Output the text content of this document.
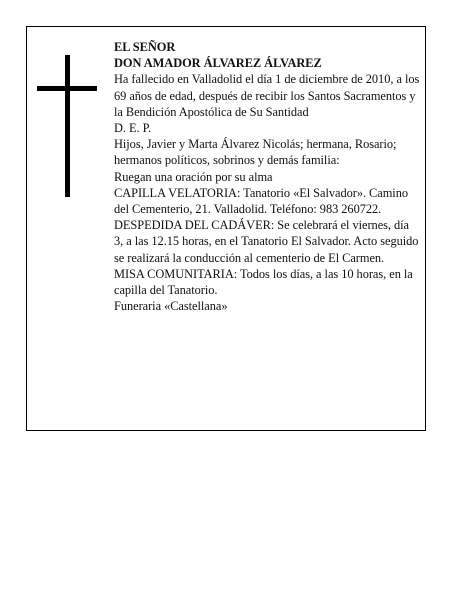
EL SEÑOR

DON AMADOR ÁLVAREZ ÁLVAREZ

Ha fallecido en Valladolid el día 1 de diciembre de 2010, a los 69 años de edad, después de recibir los Santos Sacramentos y la Bendición Apostólica de Su Santidad

D. E. P.

Hijos, Javier y Marta Álvarez Nicolás; hermana, Rosario; hermanos políticos, sobrinos y demás familia:

Ruegan una oración por su alma

CAPILLA VELATORIA: Tanatorio «El Salvador». Camino del Cementerio, 21. Valladolid. Teléfono: 983 260722.

DESPEDIDA DEL CADÁVER: Se celebrará el viernes, día 3, a las 12.15 horas, en el Tanatorio El Salvador. Acto seguido se realizará la conducción al cementerio de El Carmen.

MISA COMUNITARIA: Todos los días, a las 10 horas, en la capilla del Tanatorio.

Funeraria «Castellana»
